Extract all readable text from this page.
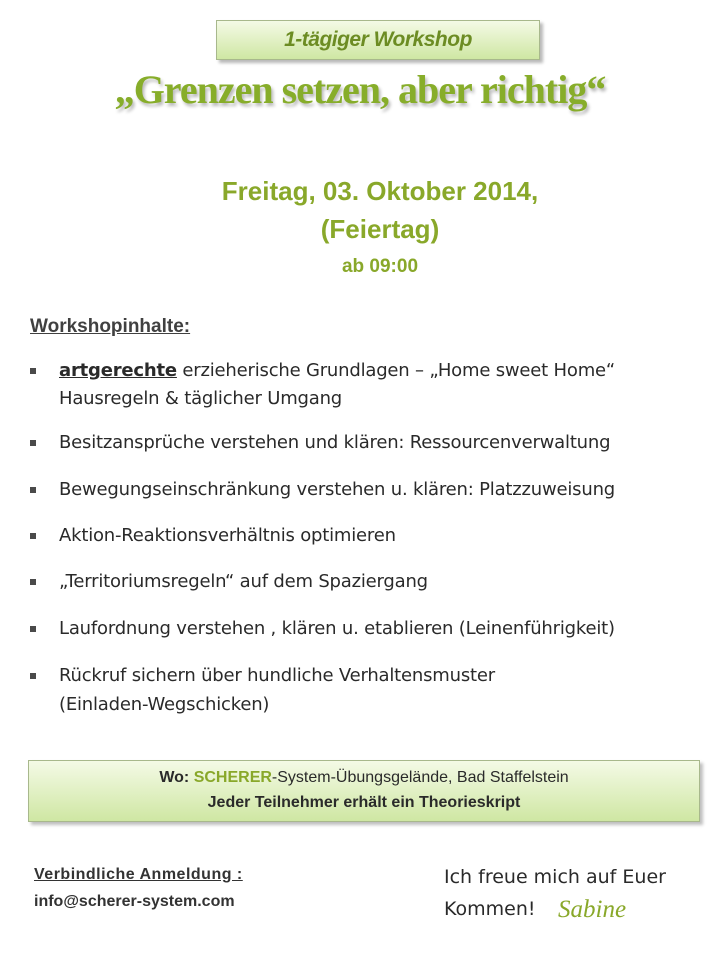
1-tägiger Workshop
„Grenzen setzen, aber richtig“
Freitag, 03. Oktober 2014,
(Feiertag)
ab 09:00
Workshopinhalte:
artgerechte erzieherische Grundlagen – „Home sweet Home“
Hausregeln & täglicher Umgang
Besitzansprüche verstehen und klären: Ressourcenverwaltung
Bewegungseinschränkung verstehen u. klären: Platzzuweisung
Aktion-Reaktionsverhältnis optimieren
„Territoriumsregeln“ auf dem Spaziergang
Laufordnung verstehen , klären u. etablieren (Leinenführigkeit)
Rückruf sichern über hundliche Verhaltensmuster
(Einladen-Wegschicken)
Wo: SCHERER-System-Übungsgelände, Bad Staffelstein
Jeder Teilnehmer erhält ein Theorieskript
Verbindliche Anmeldung :
info@scherer-system.com
Ich freue mich auf Euer
Kommen! Sabine
